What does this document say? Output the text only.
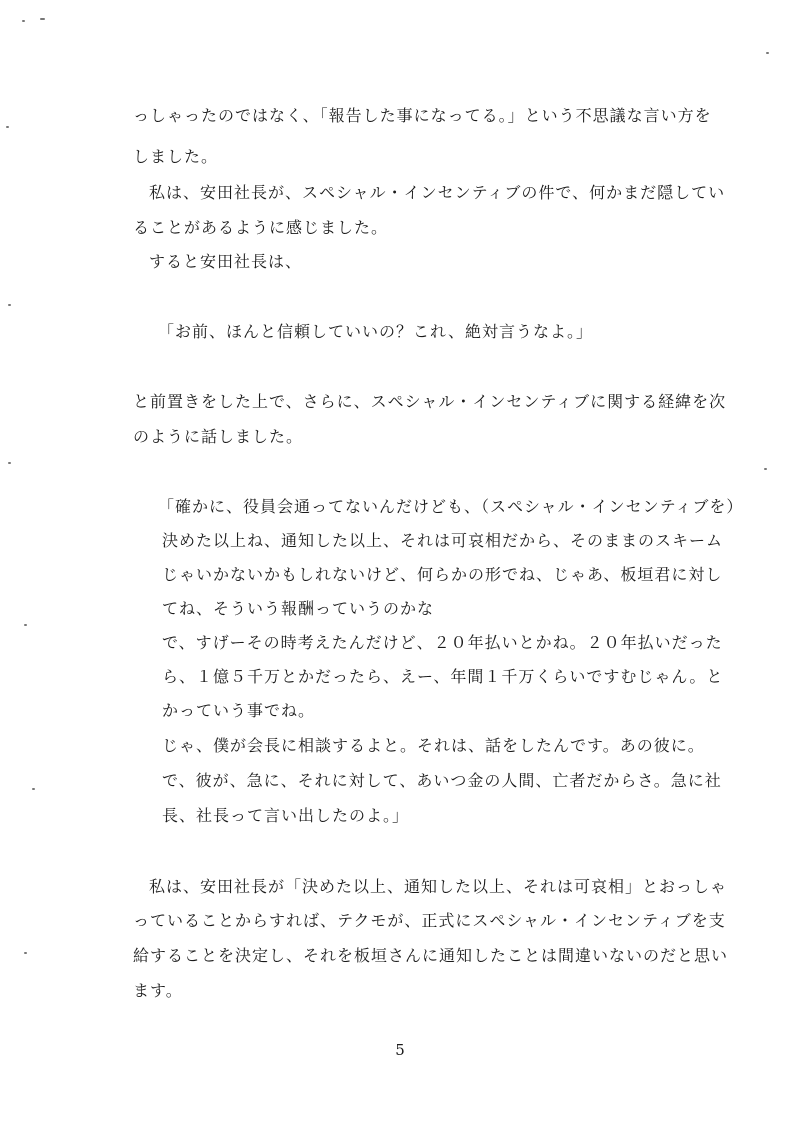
っしゃったのではなく、「報告した事になってる。」という不思議な言い方を
しました。
私は、安田社長が、スペシャル・インセンティブの件で、何かまだ隠してい
ることがあるように感じました。
すると安田社長は、
「お前、ほんと信頼していいの？これ、絶対言うなよ。」
と前置きをした上で、さらに、スペシャル・インセンティブに関する経緯を次
のように話しました。
「確かに、役員会通ってないんだけども、（スペシャル・インセンティブを）
決めた以上ね、通知した以上、それは可哀相だから、そのままのスキーム
じゃいかないかもしれないけど、何らかの形でね、じゃあ、板垣君に対し
てね、そういう報酬っていうのかな
で、すげーその時考えたんだけど、２０年払いとかね。２０年払いだった
ら、１億５千万とかだったら、えー、年間１千万くらいですむじゃん。と
かっていう事でね。
じゃ、僕が会長に相談するよと。それは、話をしたんです。あの彼に。
で、彼が、急に、それに対して、あいつ金の人間、亡者だからさ。急に社
長、社長って言い出したのよ。」
私は、安田社長が「決めた以上、通知した以上、それは可哀相」とおっしゃ
っていることからすれば、テクモが、正式にスペシャル・インセンティブを支
給することを決定し、それを板垣さんに通知したことは間違いないのだと思い
ます。
5
